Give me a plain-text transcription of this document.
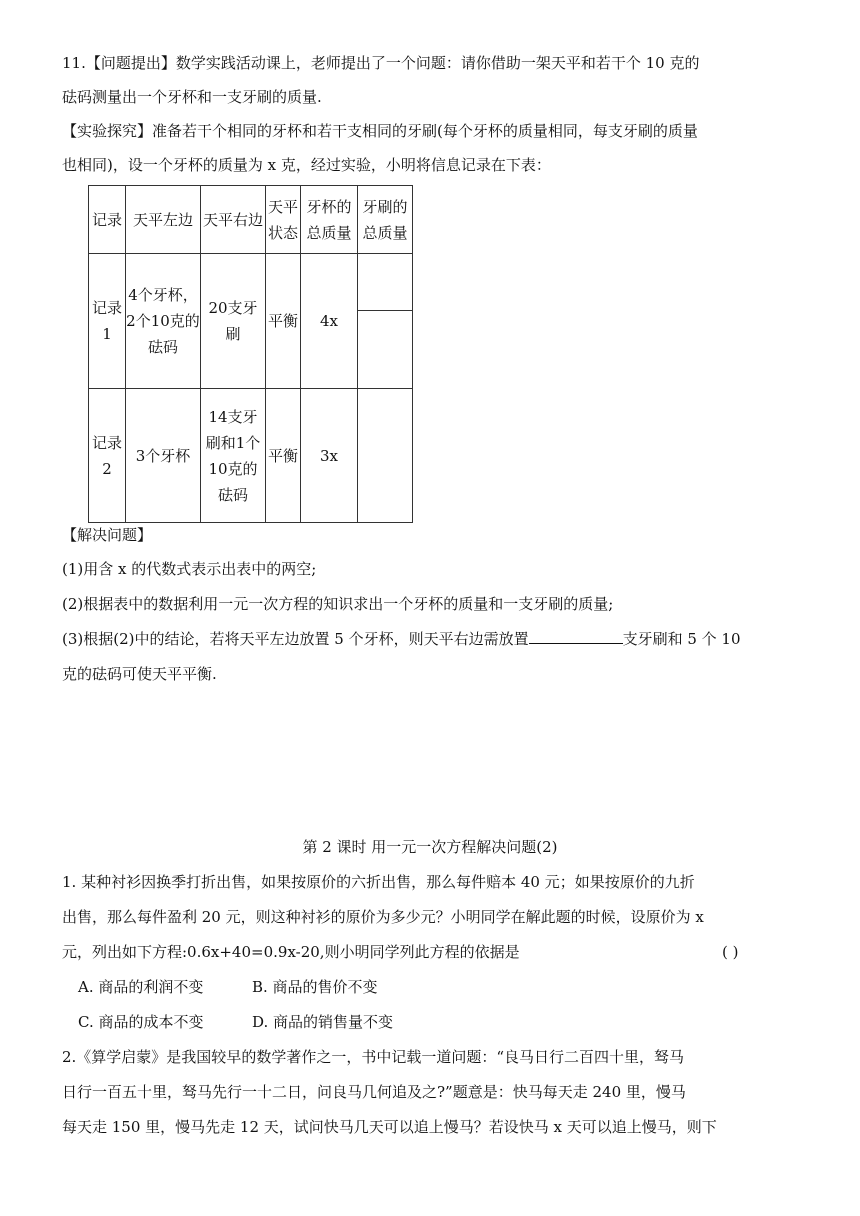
11.【问题提出】数学实践活动课上，老师提出了一个问题：请你借助一架天平和若干个 10 克的
砝码测量出一个牙杯和一支牙刷的质量.
【实验探究】准备若干个相同的牙杯和若干支相同的牙刷(每个牙杯的质量相同，每支牙刷的质量
也相同)，设一个牙杯的质量为 x 克，经过实验，小明将信息记录在下表：
记录	天平左边	天平右边	天平状态	牙杯的总质量	牙刷的总质量
记录1	4个牙杯，2个10克的砝码	20支牙刷	平衡	4x	

记录2	3个牙杯	14支牙刷和1个10克的砝码	平衡	3x	
【解决问题】
(1)用含 x 的代数式表示出表中的两空;
(2)根据表中的数据利用一元一次方程的知识求出一个牙杯的质量和一支牙刷的质量;
(3)根据(2)中的结论，若将天平左边放置 5 个牙杯，则天平右边需放置	支牙刷和 5 个 10
克的砝码可使天平平衡.
第 2 课时 用一元一次方程解决问题(2)
1. 某种衬衫因换季打折出售，如果按原价的六折出售，那么每件赔本 40 元；如果按原价的九折
出售，那么每件盈利 20 元，则这种衬衫的原价为多少元？小明同学在解此题的时候，设原价为 x
元，列出如下方程:0.6x+40=0.9x-20,则小明同学列此方程的依据是	( )
A. 商品的利润不变	B. 商品的售价不变
C. 商品的成本不变	D. 商品的销售量不变
2.《算学启蒙》是我国较早的数学著作之一，书中记载一道问题：“良马日行二百四十里，驽马
日行一百五十里，驽马先行一十二日，问良马几何追及之?”题意是：快马每天走 240 里，慢马
每天走 150 里，慢马先走 12 天，试问快马几天可以追上慢马？若设快马 x 天可以追上慢马，则下
